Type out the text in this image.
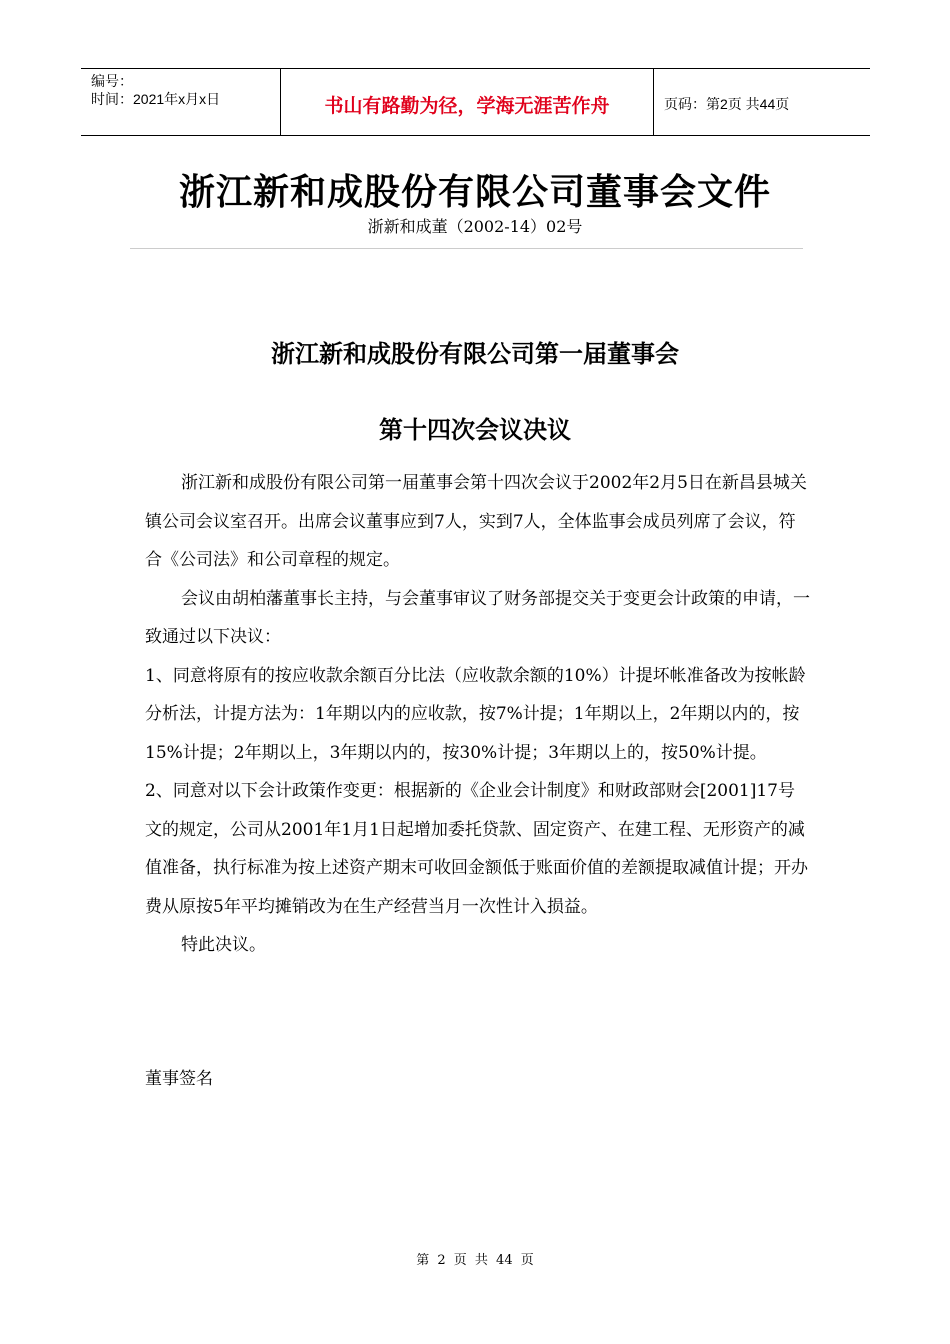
编号：
时间：2021年x月x日	书山有路勤为径，学海无涯苦作舟	页码：第2页 共44页
浙江新和成股份有限公司董事会文件
浙新和成董（2002-14）02号
浙江新和成股份有限公司第一届董事会
第十四次会议决议

浙江新和成股份有限公司第一届董事会第十四次会议于2002年2月5日在新昌县城关镇公司会议室召开。出席会议董事应到7人，实到7人，全体监事会成员列席了会议，符合《公司法》和公司章程的规定。

会议由胡柏藩董事长主持，与会董事审议了财务部提交关于变更会计政策的申请，一致通过以下决议：

1、同意将原有的按应收款余额百分比法（应收款余额的10%）计提坏帐准备改为按帐龄分析法，计提方法为：1年期以内的应收款，按7%计提；1年期以上，2年期以内的，按15%计提；2年期以上，3年期以内的，按30%计提；3年期以上的，按50%计提。

2、同意对以下会计政策作变更：根据新的《企业会计制度》和财政部财会[2001]17号文的规定，公司从2001年1月1日起增加委托贷款、固定资产、在建工程、无形资产的减值准备，执行标准为按上述资产期末可收回金额低于账面价值的差额提取减值计提；开办费从原按5年平均摊销改为在生产经营当月一次性计入损益。

特此决议。

董事签名
第 2 页 共 44 页
